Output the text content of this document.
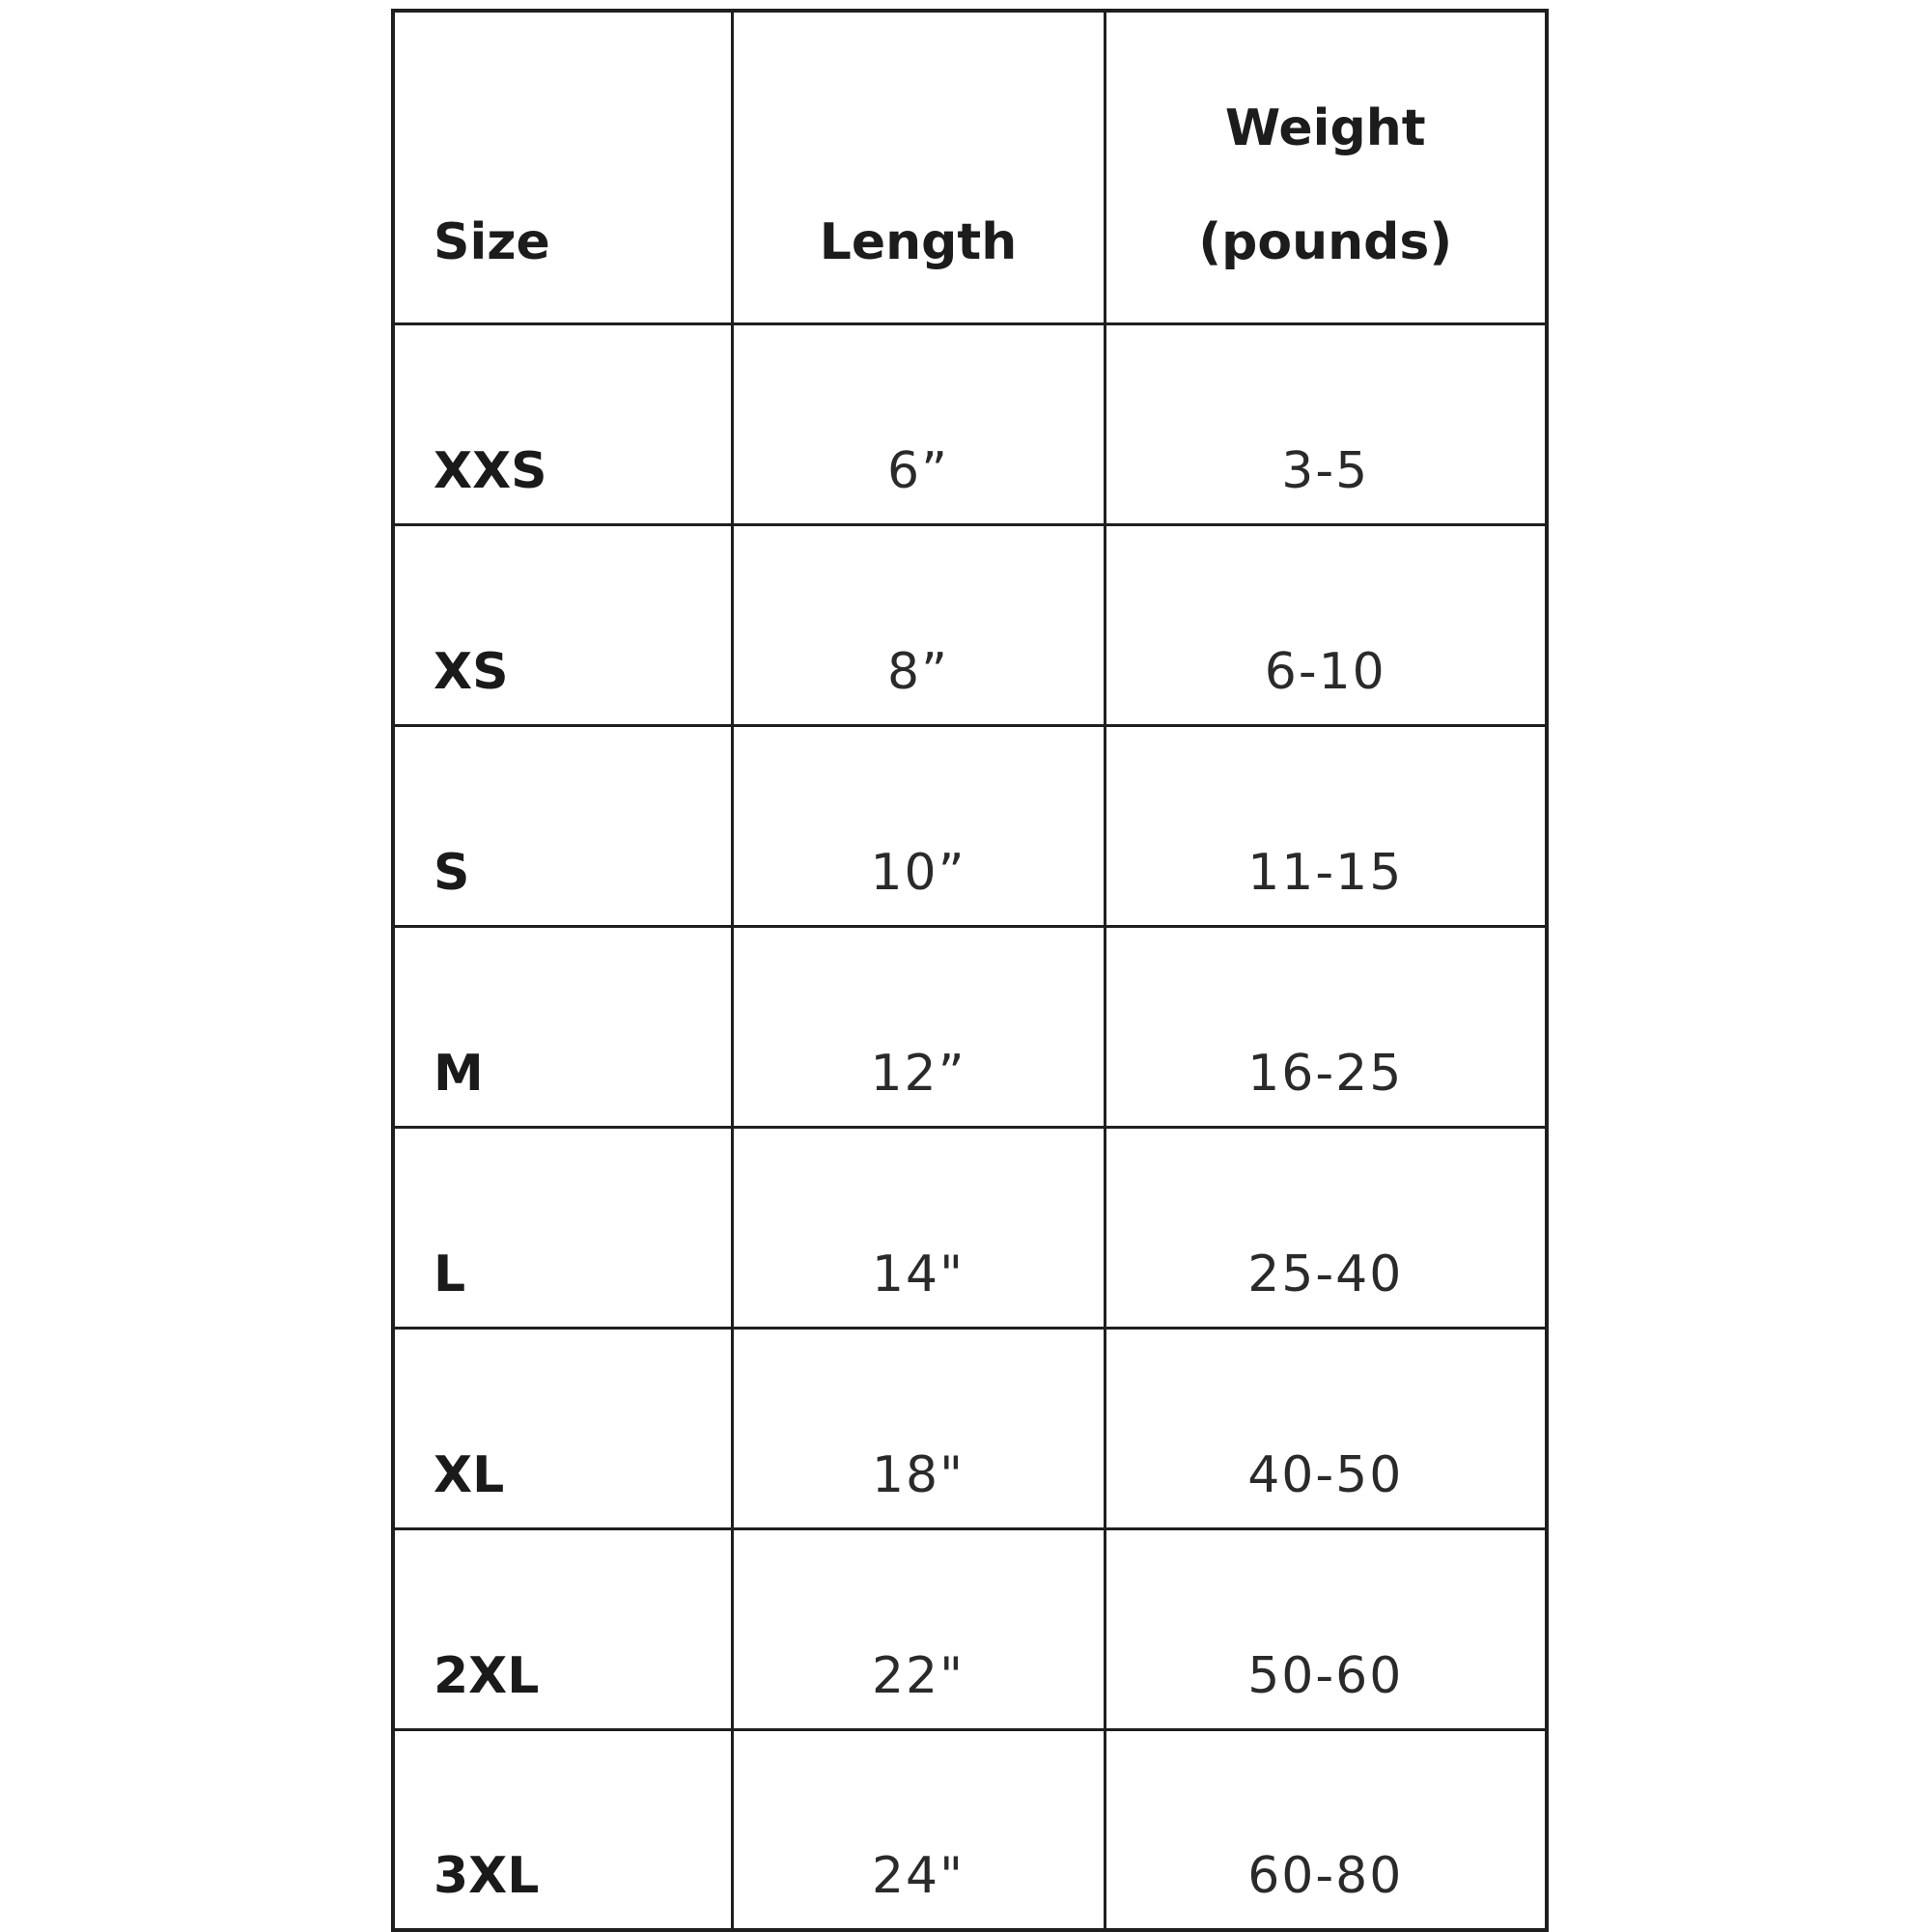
Size	Length	Weight
(pounds)

XXS	6”	3-5
XS	8”	6-10
S	10”	11-15
M	12”	16-25
L	14"	25-40
XL	18"	40-50
2XL	22"	50-60
3XL	24"	60-80
